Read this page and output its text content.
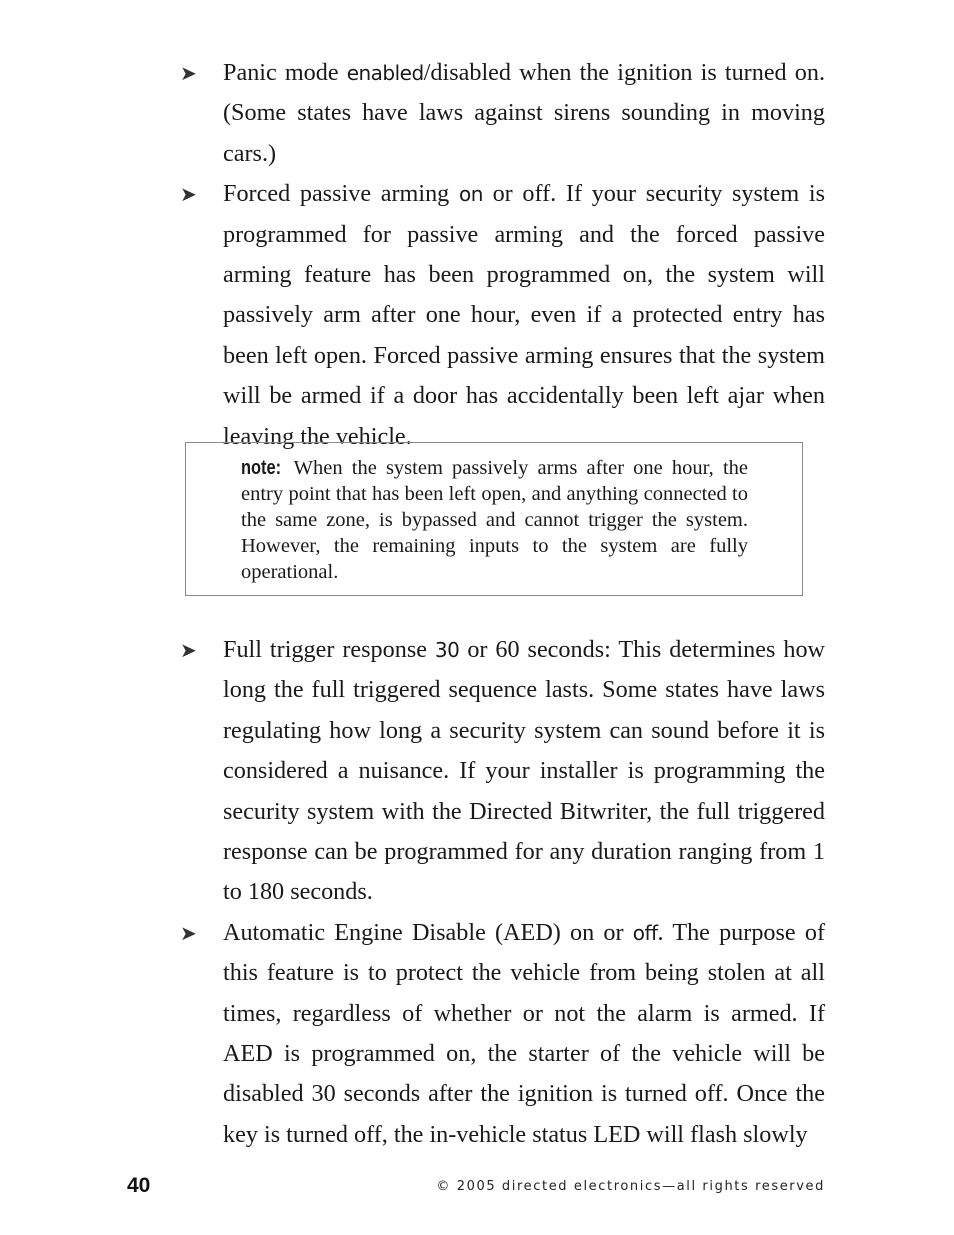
➤ Panic mode enabled/disabled when the ignition is turned on. (Some states have laws against sirens sounding in moving cars.)

➤ Forced passive arming on or off. If your security system is programmed for passive arming and the forced passive arming feature has been programmed on, the system will passively arm after one hour, even if a protected entry has been left open. Forced passive arming ensures that the system will be armed if a door has accidentally been left ajar when leaving the vehicle.

note: When the system passively arms after one hour, the entry point that has been left open, and anything connected to the same zone, is bypassed and cannot trigger the system. However, the remaining inputs to the system are fully operational.

➤ Full trigger response 30 or 60 seconds: This determines how long the full triggered sequence lasts. Some states have laws regulating how long a security system can sound before it is considered a nuisance. If your installer is programming the security system with the Directed Bitwriter, the full triggered response can be programmed for any duration ranging from 1 to 180 seconds.

➤ Automatic Engine Disable (AED) on or off. The purpose of this feature is to protect the vehicle from being stolen at all times, regardless of whether or not the alarm is armed. If AED is programmed on, the starter of the vehicle will be disabled 30 seconds after the ignition is turned off. Once the key is turned off, the in-vehicle status LED will flash slowly

40	© 2005 directed electronics—all rights reserved
